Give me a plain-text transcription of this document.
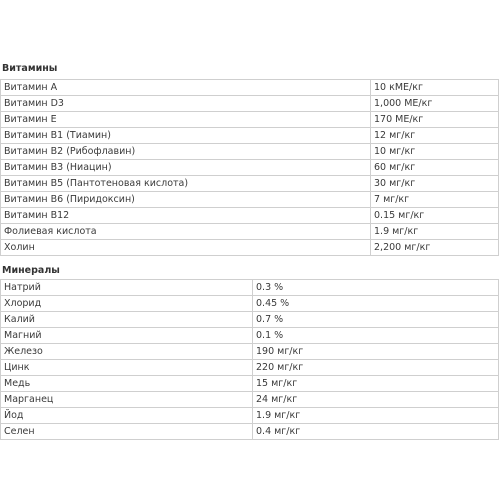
Витамины
Витамин A	10 кМЕ/кг
Витамин D3	1,000 МЕ/кг
Витамин E	170 МЕ/кг
Витамин B1 (Тиамин)	12 мг/кг
Витамин B2 (Рибофлавин)	10 мг/кг
Витамин B3 (Ниацин)	60 мг/кг
Витамин B5 (Пантотеновая кислота)	30 мг/кг
Витамин B6 (Пиридоксин)	7 мг/кг
Витамин B12	0.15 мг/кг
Фолиевая кислота	1.9 мг/кг
Холин	2,200 мг/кг
Минералы
Натрий	0.3 %
Хлорид	0.45 %
Калий	0.7 %
Магний	0.1 %
Железо	190 мг/кг
Цинк	220 мг/кг
Медь	15 мг/кг
Марганец	24 мг/кг
Йод	1.9 мг/кг
Селен	0.4 мг/кг
